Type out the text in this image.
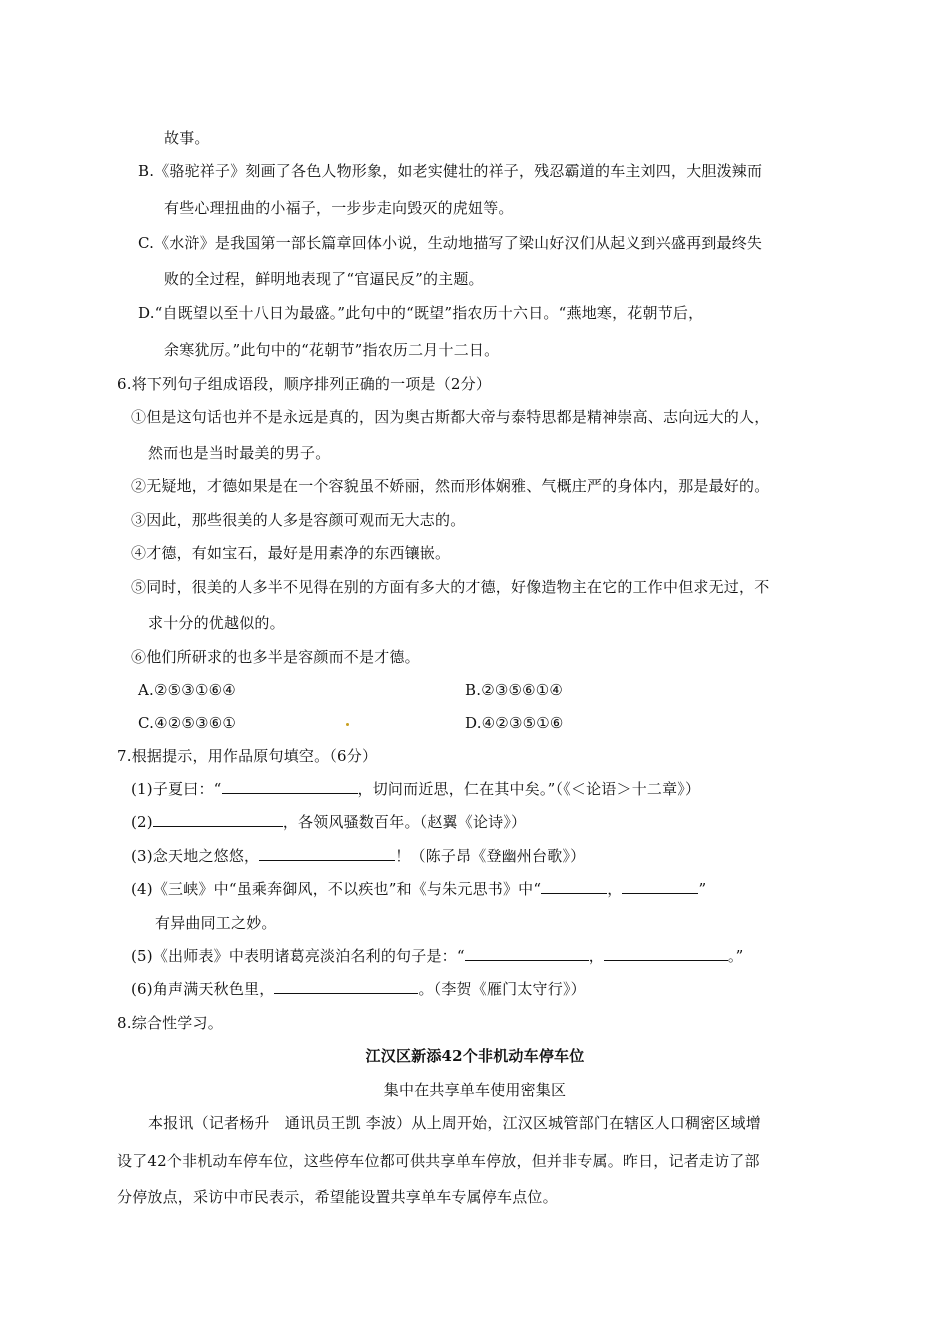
故事。
B.《骆驼祥子》刻画了各色人物形象，如老实健壮的祥子，残忍霸道的车主刘四，大胆泼辣而
有些心理扭曲的小福子，一步步走向毁灭的虎妞等。
C.《水浒》是我国第一部长篇章回体小说，生动地描写了梁山好汉们从起义到兴盛再到最终失
败的全过程，鲜明地表现了“官逼民反”的主题。
D.“自既望以至十八日为最盛。”此句中的“既望”指农历十六日。“燕地寒，花朝节后，
余寒犹厉。”此句中的“花朝节”指农历二月十二日。
6.将下列句子组成语段，顺序排列正确的一项是（2分）
①但是这句话也并不是永远是真的，因为奥古斯都大帝与泰特思都是精神崇高、志向远大的人，
然而也是当时最美的男子。
②无疑地，才德如果是在一个容貌虽不娇丽，然而形体娴雅、气概庄严的身体内，那是最好的。
③因此，那些很美的人多是容颜可观而无大志的。
④才德，有如宝石，最好是用素净的东西镶嵌。
⑤同时，很美的人多半不见得在别的方面有多大的才德，好像造物主在它的工作中但求无过，不
求十分的优越似的。
⑥他们所研求的也多半是容颜而不是才德。
A.②⑤③①⑥④	B.②③⑤⑥①④
C.④②⑤③⑥①	D.④②③⑤①⑥
7.根据提示，用作品原句填空。（6分）
(1)子夏曰：“	，切问而近思，仁在其中矣。”（《＜论语＞十二章》）
(2)	，各领风骚数百年。（赵翼《论诗》）
(3)念天地之悠悠，	！（陈子昂《登幽州台歌》）
(4)《三峡》中“虽乘奔御风，不以疾也”和《与朱元思书》中“	，	”
有异曲同工之妙。
(5)《出师表》中表明诸葛亮淡泊名利的句子是：“	，	。”
(6)角声满天秋色里，	。（李贺《雁门太守行》）
8.综合性学习。
江汉区新添42个非机动车停车位
集中在共享单车使用密集区
本报讯（记者杨升　通讯员王凯 李波）从上周开始，江汉区城管部门在辖区人口稠密区域增
设了42个非机动车停车位，这些停车位都可供共享单车停放，但并非专属。昨日，记者走访了部
分停放点，采访中市民表示，希望能设置共享单车专属停车点位。
